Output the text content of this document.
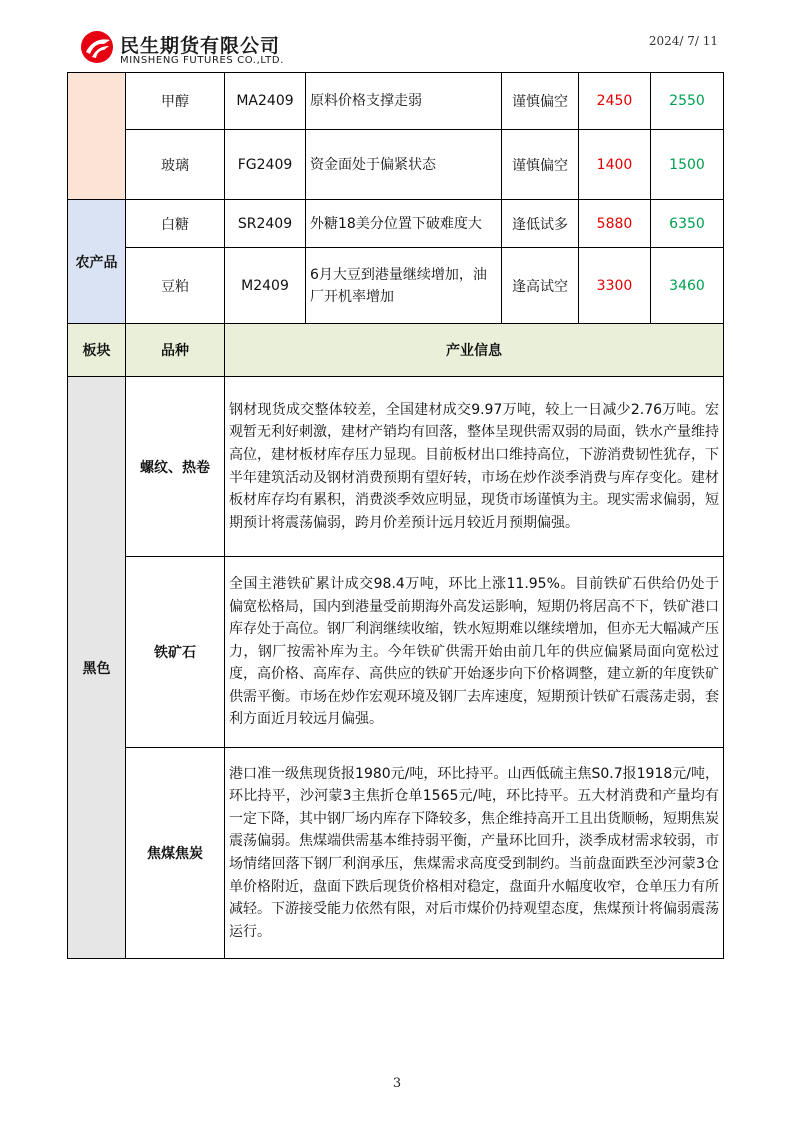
民生期货有限公司
MINSHENG FUTURES CO.,LTD.
2024/ 7/ 11
	甲醇	MA2409	原料价格支撑走弱	谨慎偏空	2450	2550
	玻璃	FG2409	资金面处于偏紧状态	谨慎偏空	1400	1500
农产品	白糖	SR2409	外糖18美分位置下破难度大	逢低试多	5880	6350
	豆粕	M2409	6月大豆到港量继续增加，油厂开机率增加	逢高试空	3300	3460
板块	品种	产业信息				
黑色	螺纹、热卷	钢材现货成交整体较差，全国建材成交9.97万吨，较上一日减少2.76万吨。宏观暂无利好刺激，建材产销均有回落，整体呈现供需双弱的局面，铁水产量维持高位，建材板材库存压力显现。目前板材出口维持高位，下游消费韧性犹存，下半年建筑活动及钢材消费预期有望好转，市场在炒作淡季消费与库存变化。建材板材库存均有累积，消费淡季效应明显，现货市场谨慎为主。现实需求偏弱，短期预计将震荡偏弱，跨月价差预计远月较近月预期偏强。
	铁矿石	全国主港铁矿累计成交98.4万吨，环比上涨11.95%。目前铁矿石供给仍处于偏宽松格局，国内到港量受前期海外高发运影响，短期仍将居高不下，铁矿港口库存处于高位。钢厂利润继续收缩，铁水短期难以继续增加，但亦无大幅减产压力，钢厂按需补库为主。今年铁矿供需开始由前几年的供应偏紧局面向宽松过度，高价格、高库存、高供应的铁矿开始逐步向下价格调整，建立新的年度铁矿供需平衡。市场在炒作宏观环境及钢厂去库速度，短期预计铁矿石震荡走弱，套利方面近月较远月偏强。
	焦煤焦炭	港口准一级焦现货报1980元/吨，环比持平。山西低硫主焦S0.7报1918元/吨，环比持平，沙河蒙3主焦折仓单1565元/吨，环比持平。五大材消费和产量均有一定下降，其中钢厂场内库存下降较多，焦企维持高开工且出货顺畅，短期焦炭震荡偏弱。焦煤端供需基本维持弱平衡，产量环比回升，淡季成材需求较弱，市场情绪回落下钢厂利润承压，焦煤需求高度受到制约。当前盘面跌至沙河蒙3仓单价格附近，盘面下跌后现货价格相对稳定，盘面升水幅度收窄，仓单压力有所减轻。下游接受能力依然有限，对后市煤价仍持观望态度，焦煤预计将偏弱震荡运行。
3
